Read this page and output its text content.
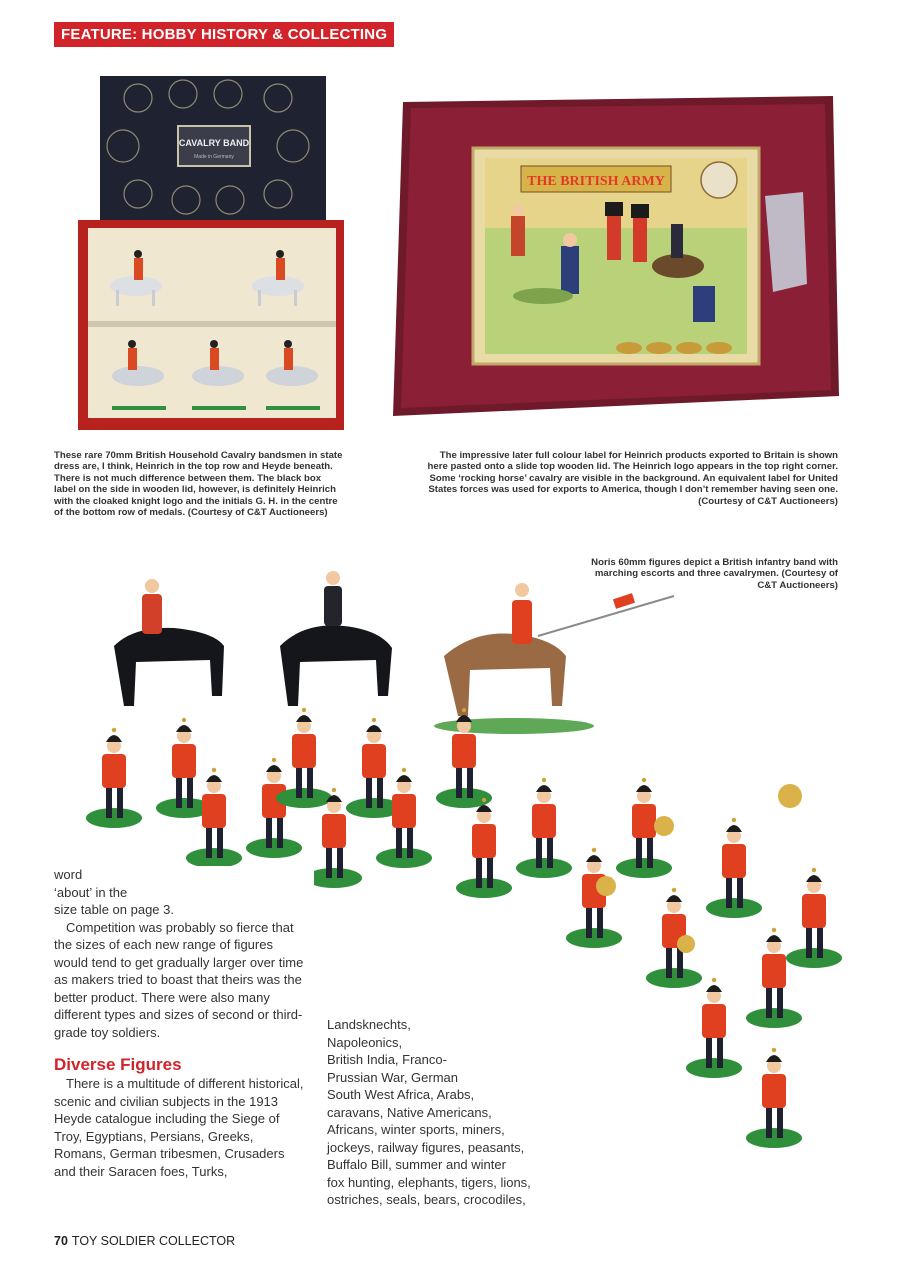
FEATURE: HOBBY HISTORY & COLLECTING
CAVALRY BAND
Made in Germany
THE BRITISH ARMY
These rare 70mm British Household Cavalry bandsmen in state dress are, I think, Heinrich in the top row and Heyde beneath. There is not much difference between them. The black box label on the side in wooden lid, however, is definitely Heinrich with the cloaked knight logo and the initials G. H. in the centre of the bottom row of medals. (Courtesy of C&T Auctioneers)
The impressive later full colour label for Heinrich products exported to Britain is shown here pasted onto a slide top wooden lid. The Heinrich logo appears in the top right corner. Some ‘rocking horse’ cavalry are visible in the background. An equivalent label for United States forces was used for exports to America, though I don’t remember having seen one. (Courtesy of C&T Auctioneers)
Noris 60mm figures depict a British infantry band with marching escorts and three cavalrymen. (Courtesy of C&T Auctioneers)

word

‘about’ in the

size table on page 3.

Competition was probably so fierce that the sizes of each new range of figures would tend to get gradually larger over time as makers tried to boast that theirs was the better product. There were also many different types and sizes of second or third-grade toy soldiers.

Diverse Figures

There is a multitude of different historical, scenic and civilian subjects in the 1913 Heyde catalogue including the Siege of Troy, Egyptians, Persians, Greeks, Romans, German tribesmen, Crusaders and their Saracen foes, Turks,

Landsknechts,
Napoleonics,
British India, Franco-
Prussian War, German
South West Africa, Arabs,
caravans, Native Americans,
Africans, winter sports, miners,
jockeys, railway figures, peasants,
Buffalo Bill, summer and winter
fox hunting, elephants, tigers, lions,
ostriches, seals, bears, crocodiles,
70 TOY SOLDIER COLLECTOR
